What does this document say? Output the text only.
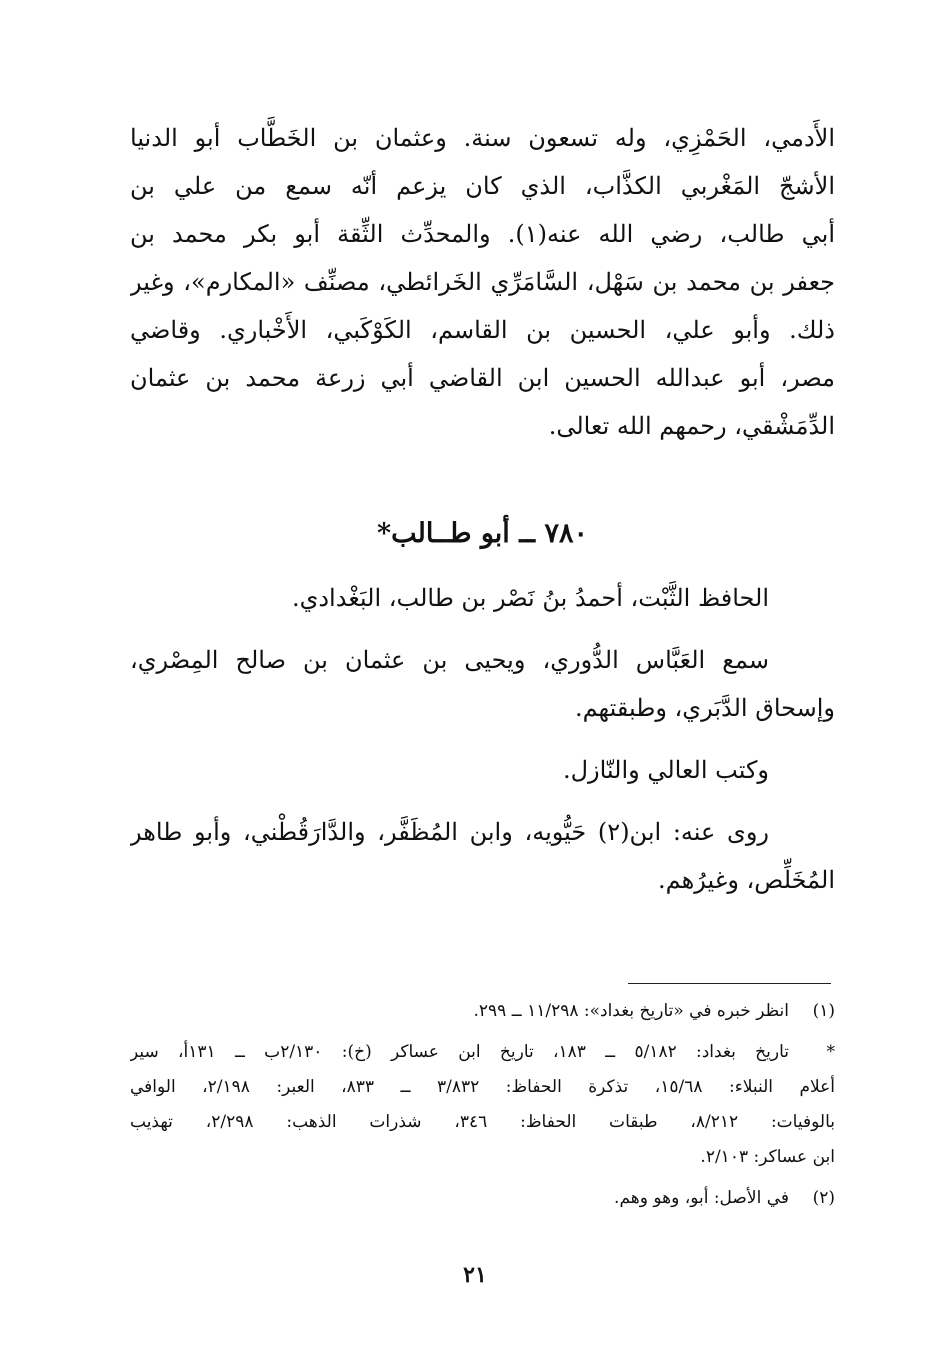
الأَدمي، الحَمْزِي، وله تسعون سنة. وعثمان بن الخَطَّاب أبو الدنيا
الأشجّ المَغْربي الكذَّاب، الذي كان يزعم أنّه سمع من علي بن
أبي طالب، رضي الله عنه(١). والمحدِّث الثِّقة أبو بكر محمد بن
جعفر بن محمد بن سَهْل، السَّامَرِّي الخَرائطي، مصنِّف «المكارم»، وغير
ذلك. وأبو علي، الحسين بن القاسم، الكَوْكَبي، الأَخْباري. وقاضي
مصر، أبو عبدالله الحسين ابن القاضي أبي زرعة محمد بن عثمان
الدِّمَشْقي، رحمهم الله تعالى.
٧٨٠ ــ أبو طــالب*
الحافظ الثَّبْت، أحمدُ بنُ نَصْر بن طالب، البَغْدادي.
سمع العَبَّاس الدُّوري، ويحيى بن عثمان بن صالح المِصْري،
وإسحاق الدَّبَري، وطبقتهم.
وكتب العالي والنّازل.
روى عنه: ابن(٢) حَيُّويه، وابن المُظَفَّر، والدَّارَقُطْني، وأبو طاهر
المُخَلِّص، وغيرُهم.
(١)انظر خبره في «تاريخ بغداد»: ١١/٢٩٨ ــ ٢٩٩.
*تاريخ بغداد: ٥/١٨٢ ــ ١٨٣، تاريخ ابن عساكر (خ): ٢/١٣٠ب ــ ١٣١أ، سير
أعلام النبلاء: ١٥/٦٨، تذكرة الحفاظ: ٣/٨٣٢ ــ ٨٣٣، العبر: ٢/١٩٨، الوافي
بالوفيات: ٨/٢١٢، طبقات الحفاظ: ٣٤٦، شذرات الذهب: ٢/٢٩٨، تهذيب
ابن عساكر: ٢/١٠٣.
(٢)في الأصل: أبو، وهو وهم.
٢١
